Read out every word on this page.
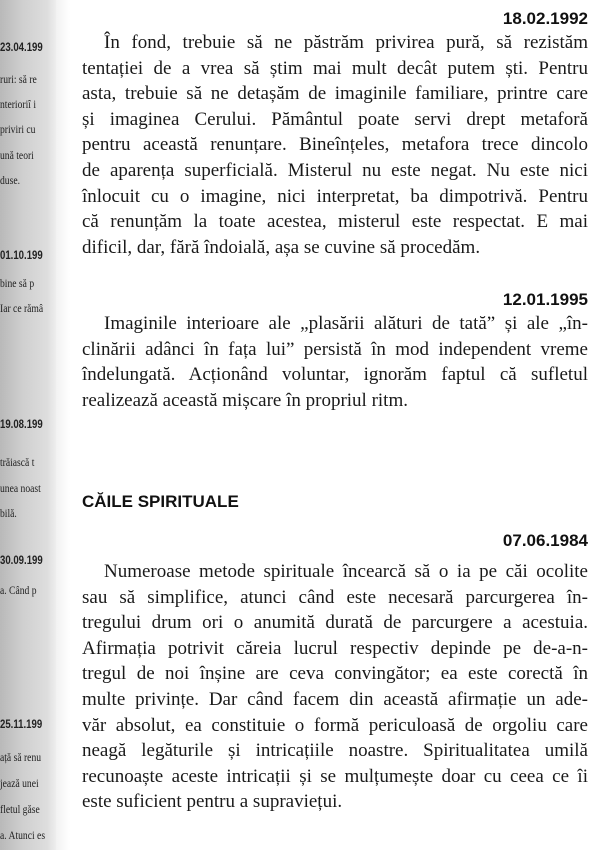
23.04.199
ruri: să re
nterioriȋ i
priviri cu
ună teori
duse.
01.10.199
bine să p
Iar ce rămâ
19.08.199
trăiască t
unea noast
bilă.
30.09.199
a. Când p
25.11.199
ață să renu
jează unei
fletul găse
a. Atunci es
18.02.1992
În fond, trebuie să ne păstrăm privirea pură, să rezistăm
tentației de a vrea să știm mai mult decât putem ști. Pentru
asta, trebuie să ne detașăm de imaginile familiare, printre care
și imaginea Cerului. Pământul poate servi drept metaforă
pentru această renunțare. Bineînțeles, metafora trece dincolo
de aparența superficială. Misterul nu este negat. Nu este nici
înlocuit cu o imagine, nici interpretat, ba dimpotrivă. Pentru
că renunțăm la toate acestea, misterul este respectat. E mai
dificil, dar, fără îndoială, așa se cuvine să procedăm.
12.01.1995
Imaginile interioare ale „plasării alături de tată” și ale „în-
clinării adânci în fața lui” persistă în mod independent vreme
îndelungată. Acționând voluntar, ignorăm faptul că sufletul
realizează această mișcare în propriul ritm.
CĂILE SPIRITUALE
07.06.1984
Numeroase metode spirituale încearcă să o ia pe căi ocolite
sau să simplifice, atunci când este necesară parcurgerea în-
tregului drum ori o anumită durată de parcurgere a acestuia.
Afirmația potrivit căreia lucrul respectiv depinde pe de-a-n-
tregul de noi înșine are ceva convingător; ea este corectă în
multe privințe. Dar când facem din această afirmație un ade-
văr absolut, ea constituie o formă periculoasă de orgoliu care
neagă legăturile și intricațiile noastre. Spiritualitatea umilă
recunoaște aceste intricații și se mulțumește doar cu ceea ce îi
este suficient pentru a supraviețui.
